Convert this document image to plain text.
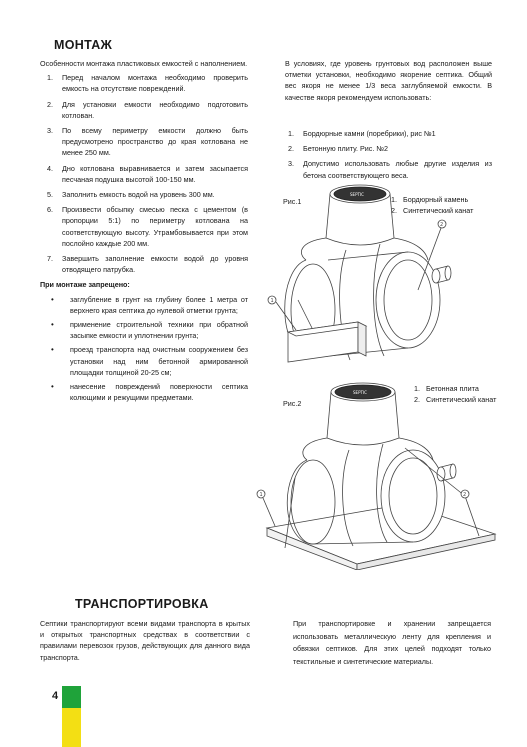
МОНТАЖ
Особенности монтажа пластиковых емкостей с наполнением.
1. Перед началом монтажа необходимо проверить емкость на отсутствие повреждений.
2. Для установки емкости необходимо подготовить котлован.
3. По всему периметру емкости должно быть предусмотрено пространство до края котлована не менее 250 мм.
4. Дно котлована выравнивается и затем засыпается песчаная подушка высотой 100-150 мм.
5. Заполнить емкость водой на уровень 300 мм.
6. Произвести обсыпку смесью песка с цементом (в пропорции 5:1) по периметру котлована на соответствующую высоту. Утрамбовывается при этом послойно каждые 200 мм.
7. Завершить заполнение емкости водой до уровня отводящего патрубка.
При монтаже запрещено:
• заглубление в грунт на глубину более 1 метра от верхнего края септика до нулевой отметки грунта;
• применение строительной техники при обратной засыпке емкости и уплотнении грунта;
• проезд транспорта над очистным сооружением без установки над ним бетонной армированной площадки толщиной 20-25 см;
• нанесение повреждений поверхности септика колющими и режущими предметами.
В условиях, где уровень грунтовых вод расположен выше отметки установки, необходимо якорение септика. Общий вес якоря не менее 1/3 веса заглубляемой емкости. В качестве якоря рекомендуем использовать:
1. Бордюрные камни (поребрики), рис №1
2. Бетонную плиту. Рис. №2
3. Допустимо использовать любые другие изделия из бетона соответствующего веса.
Рис.1	1. Бордюрный камень
2. Синтетический канат
SEPTIC
2
1
Рис.2
1. Бетонная плита
2. Синтетический канат
SEPTIC
2
1
ТРАНСПОРТИРОВКА
Септики транспортируют всеми видами транспорта в крытых и открытых транспортных средствах в соответствии с правилами перевозок грузов, действующих для данного вида транспорта.
При транспортировке и хранении запрещается использовать металлическую ленту для крепления и обвязки септиков. Для этих целей подходят только текстильные и синтетические материалы.
4
